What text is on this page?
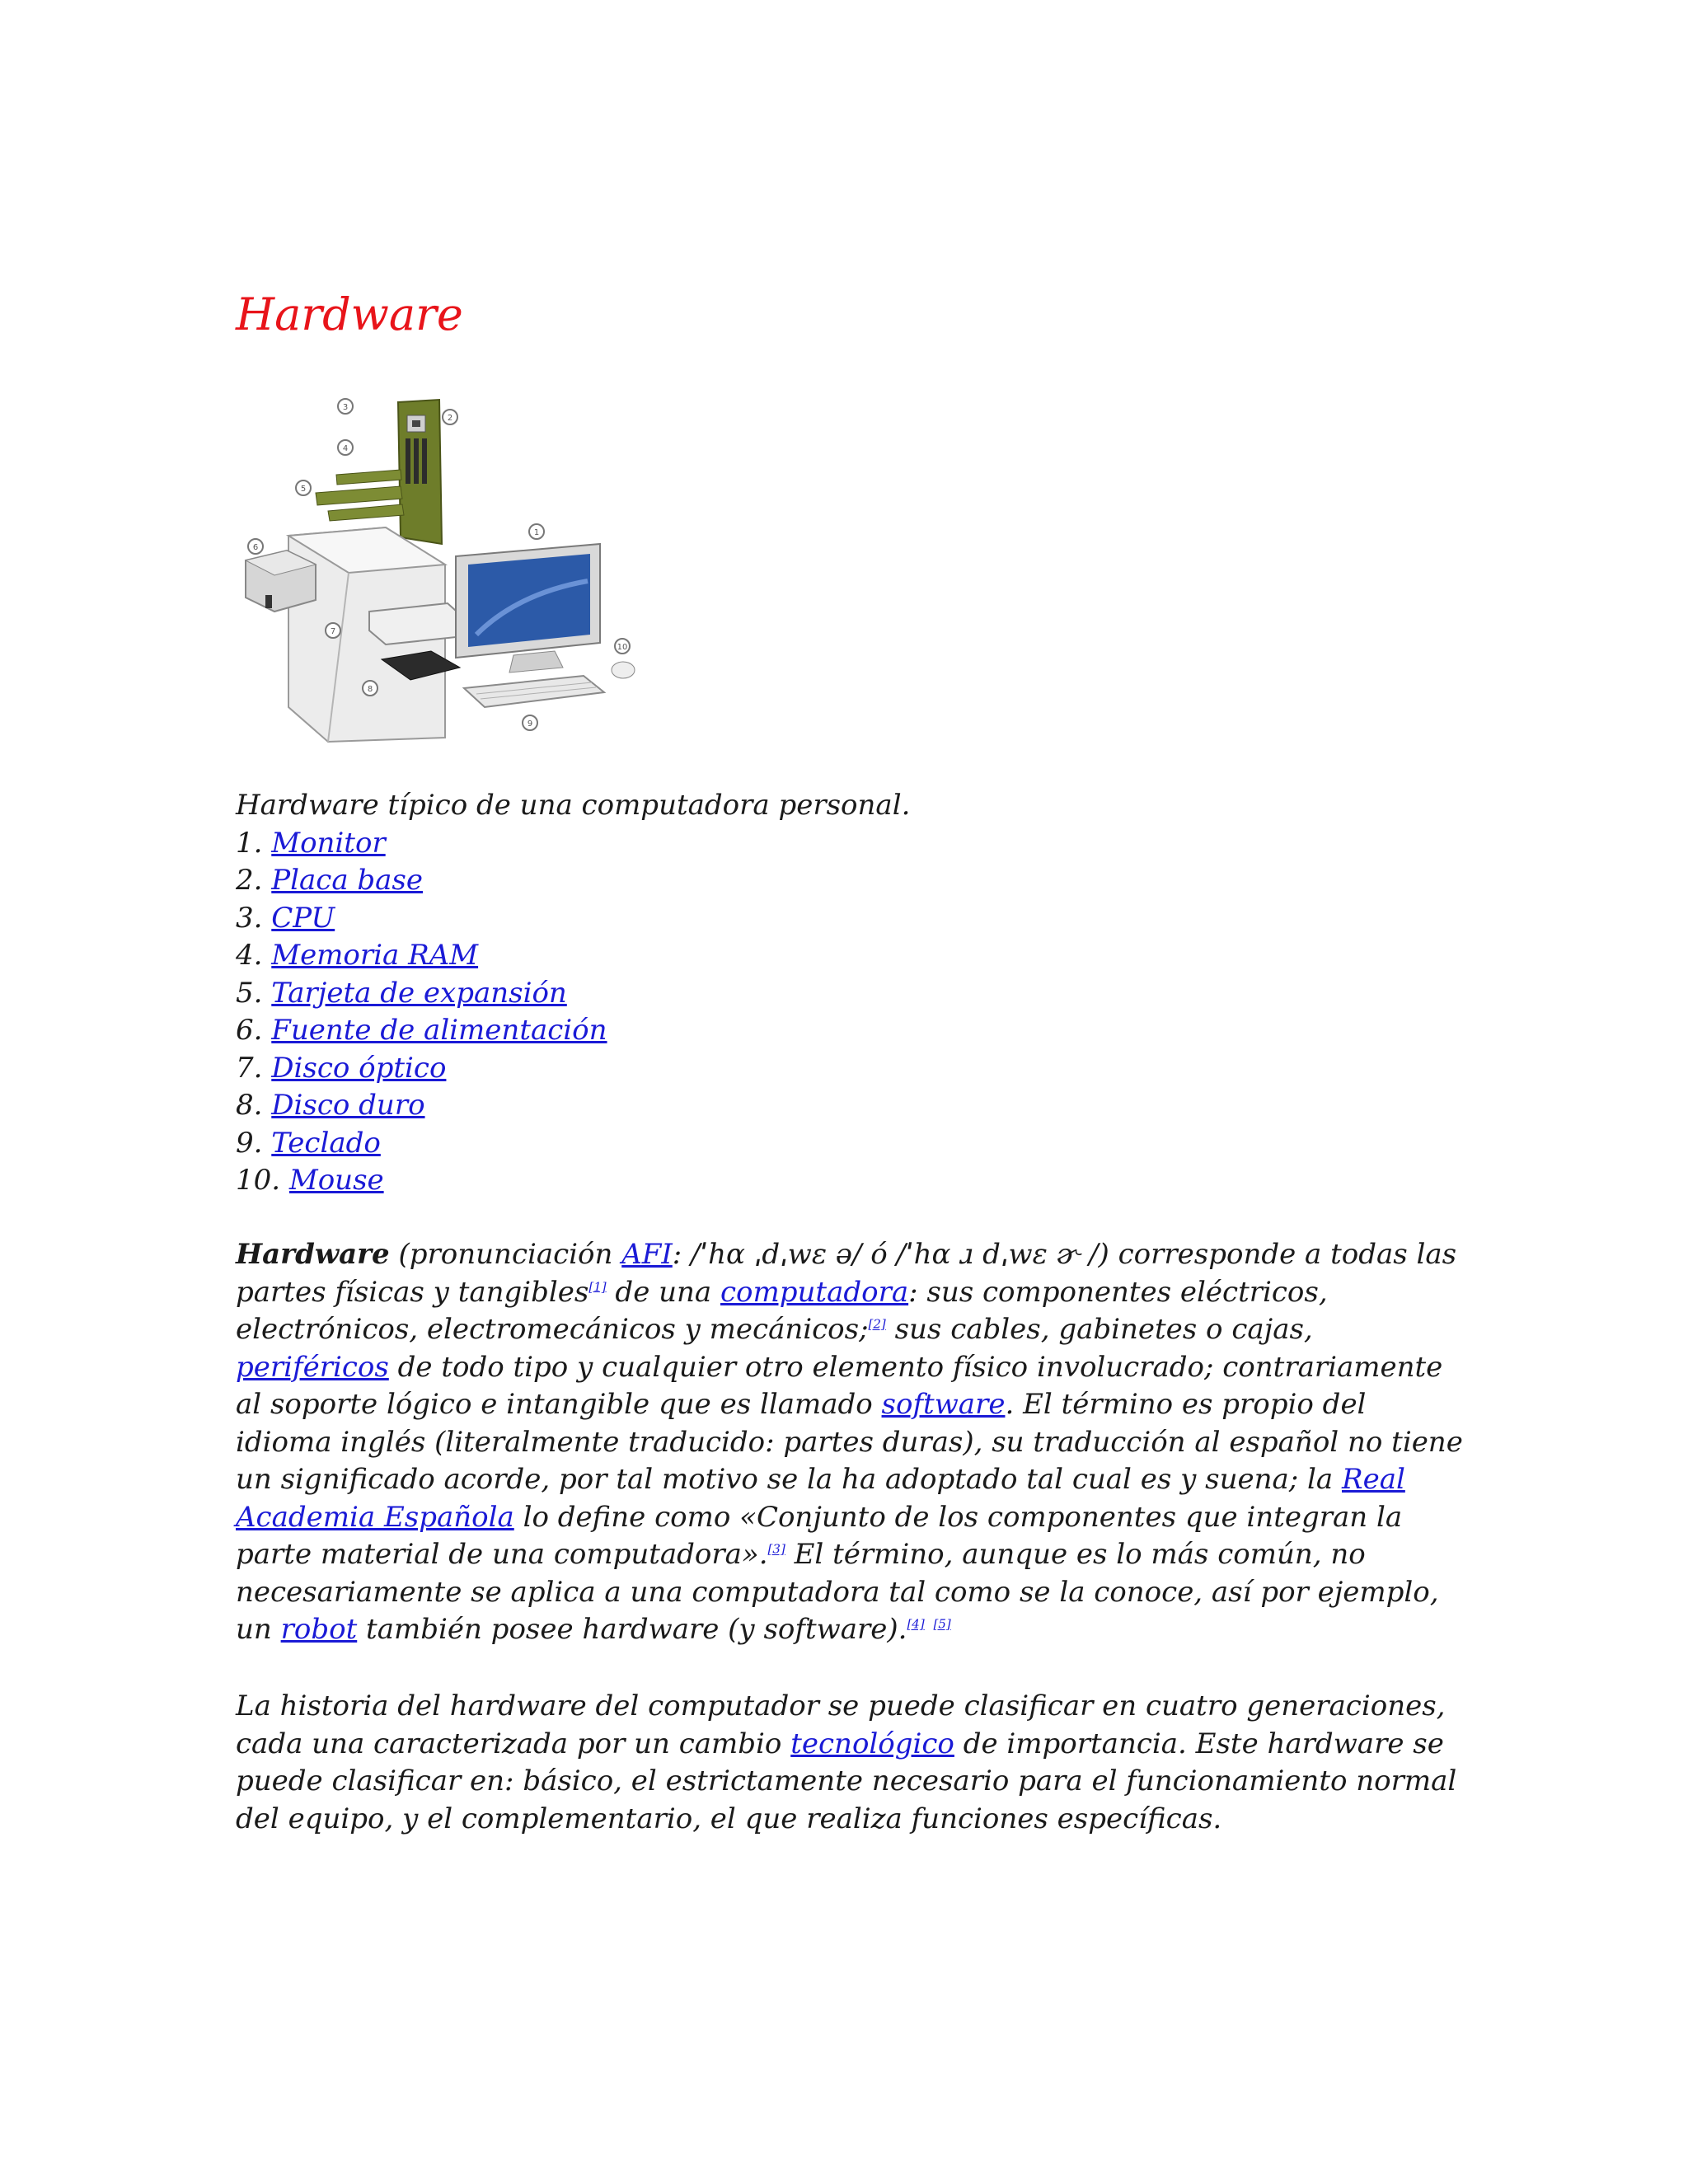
Hardware
1
2
3
4
5
6
7
8
9
10
Hardware típico de una computadora personal.
1. Monitor
2. Placa base
3. CPU
4. Memoria RAM
5. Tarjeta de expansión
6. Fuente de alimentación
7. Disco óptico
8. Disco duro
9. Teclado
10. Mouse

Hardware (pronunciación AFI: /ˈhɑ ˌdˌwɛ ə/ ó /ˈhɑ ɹ dˌwɛ ɚ /) corresponde a todas las partes físicas y tangibles[1] de una computadora: sus componentes eléctricos, electrónicos, electromecánicos y mecánicos;[2] sus cables, gabinetes o cajas, periféricos de todo tipo y cualquier otro elemento físico involucrado; contrariamente al soporte lógico e intangible que es llamado software. El término es propio del idioma inglés (literalmente traducido: partes duras), su traducción al español no tiene un significado acorde, por tal motivo se la ha adoptado tal cual es y suena; la Real Academia Española lo define como «Conjunto de los componentes que integran la parte material de una computadora».[3] El término, aunque es lo más común, no necesariamente se aplica a una computadora tal como se la conoce, así por ejemplo, un robot también posee hardware (y software).[4] [5]

La historia del hardware del computador se puede clasificar en cuatro generaciones, cada una caracterizada por un cambio tecnológico de importancia. Este hardware se puede clasificar en: básico, el estrictamente necesario para el funcionamiento normal del equipo, y el complementario, el que realiza funciones específicas.
